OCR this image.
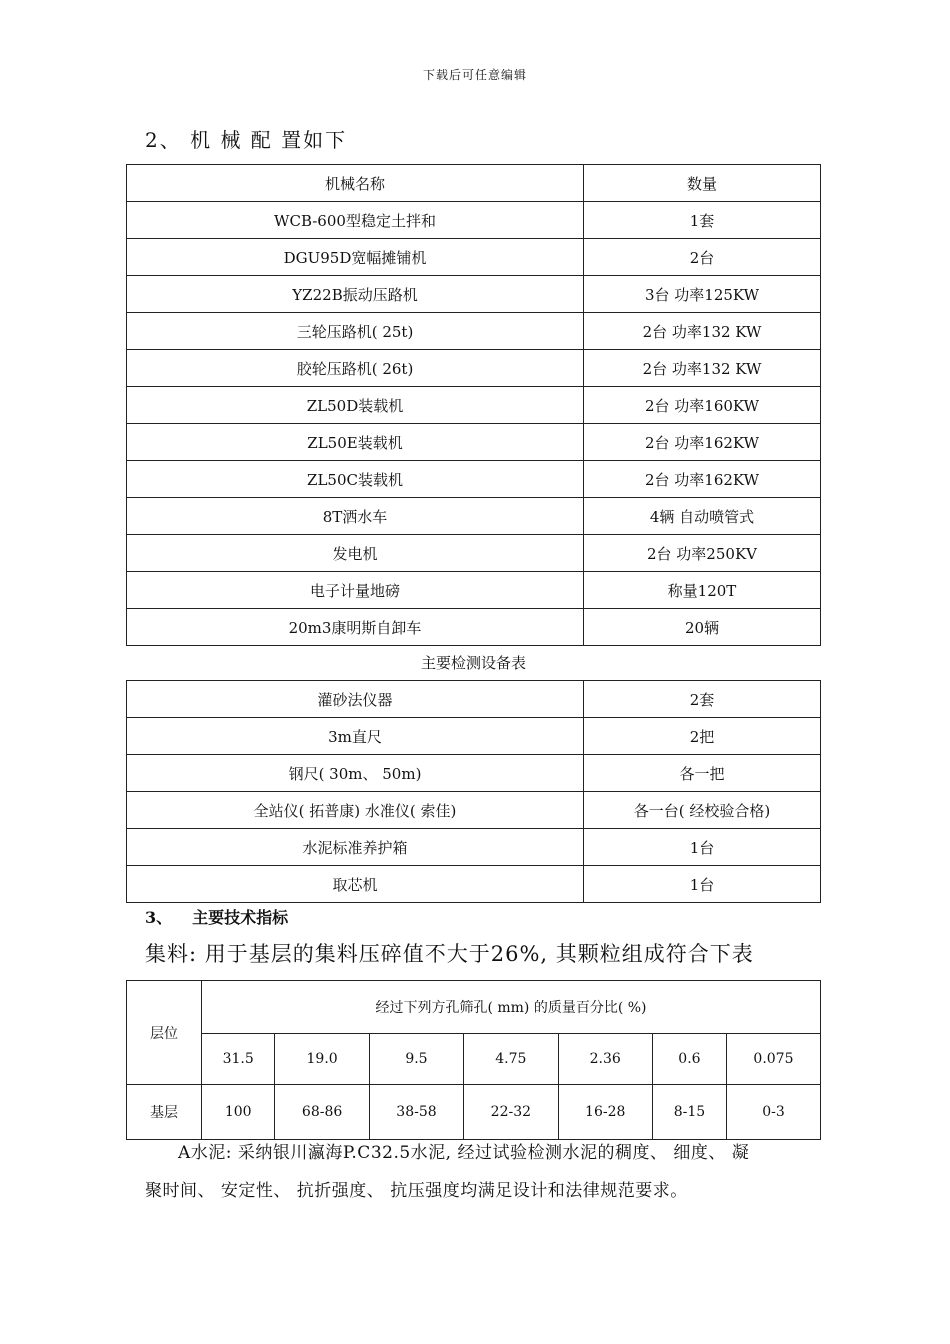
下载后可任意编辑
2、 机 械 配 置如下
机械名称	数量
WCB-600型稳定土拌和	1套
DGU95D宽幅摊铺机	2台
YZ22B振动压路机	3台 功率125KW
三轮压路机( 25t)	2台 功率132 KW
胶轮压路机( 26t)	2台 功率132 KW
ZL50D装载机	2台 功率160KW
ZL50E装载机	2台 功率162KW
ZL50C装载机	2台 功率162KW
8T洒水车	4辆 自动喷管式
发电机	2台 功率250KV
电子计量地磅	称量120T
20m3康明斯自卸车	20辆
主要检测设备表
灌砂法仪器	2套
3m直尺	2把
钢尺( 30m、 50m)	各一把
全站仪( 拓普康) 水准仪( 索佳)	各一台( 经校验合格)
水泥标准养护箱	1台
取芯机	1台
3、 主要技术指标
集料: 用于基层的集料压碎值不大于26%, 其颗粒组成符合下表
层位	经过下列方孔筛孔( mm) 的质量百分比( %)						
	31.5	19.0	9.5	4.75	2.36	0.6	0.075
基层	100	68-86	38-58	22-32	16-28	8-15	0-3
A水泥: 采纳银川瀛海P.C32.5水泥, 经过试验检测水泥的稠度、 细度、 凝
聚时间、 安定性、 抗折强度、 抗压强度均满足设计和法律规范要求。
